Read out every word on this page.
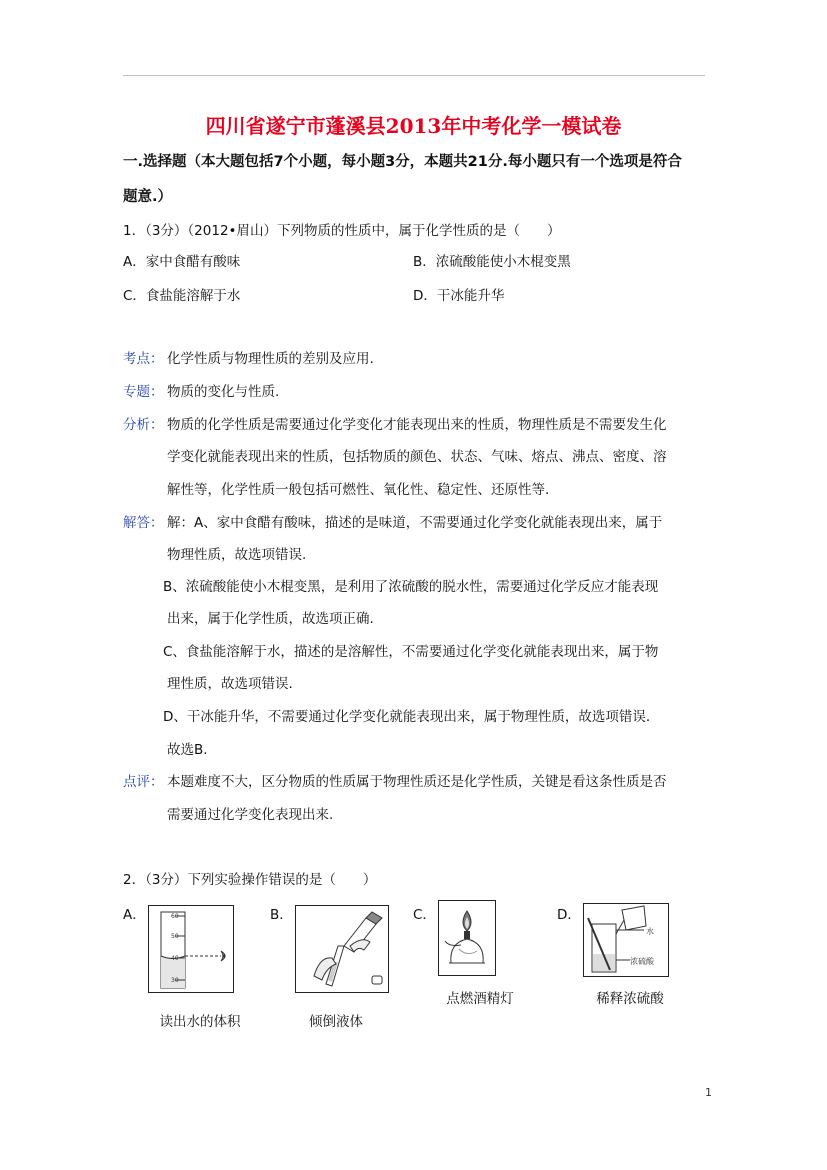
四川省遂宁市蓬溪县2013年中考化学一模试卷
一.选择题（本大题包括7个小题，每小题3分，本题共21分.每小题只有一个选项是符合
题意.）
1．（3分）（2012•眉山）下列物质的性质中，属于化学性质的是（　　）
A．家中食醋有酸味	B．浓硫酸能使小木棍变黑
C．食盐能溶解于水	D．干冰能升华
考点： 化学性质与物理性质的差别及应用.
专题： 物质的变化与性质.
分析： 物质的化学性质是需要通过化学变化才能表现出来的性质，物理性质是不需要发生化
学变化就能表现出来的性质，包括物质的颜色、状态、气味、熔点、沸点、密度、溶
解性等，化学性质一般包括可燃性、氧化性、稳定性、还原性等.
解答： 解：A、家中食醋有酸味，描述的是味道，不需要通过化学变化就能表现出来，属于
物理性质，故选项错误.
B、浓硫酸能使小木棍变黑，是利用了浓硫酸的脱水性，需要通过化学反应才能表现
出来，属于化学性质，故选项正确.
C、食盐能溶解于水，描述的是溶解性，不需要通过化学变化就能表现出来，属于物
理性质，故选项错误.
D、干冰能升华，不需要通过化学变化就能表现出来，属于物理性质，故选项错误.
故选B.
点评： 本题难度不大，区分物质的性质属于物理性质还是化学性质，关键是看这条性质是否
需要通过化学变化表现出来.
2．（3分）下列实验操作错误的是（　　）
A．	B．	C．	D．
60
50
40
30
水
浓硫酸
读出水的体积	倾倒液体
点燃酒精灯	稀释浓硫酸
1
